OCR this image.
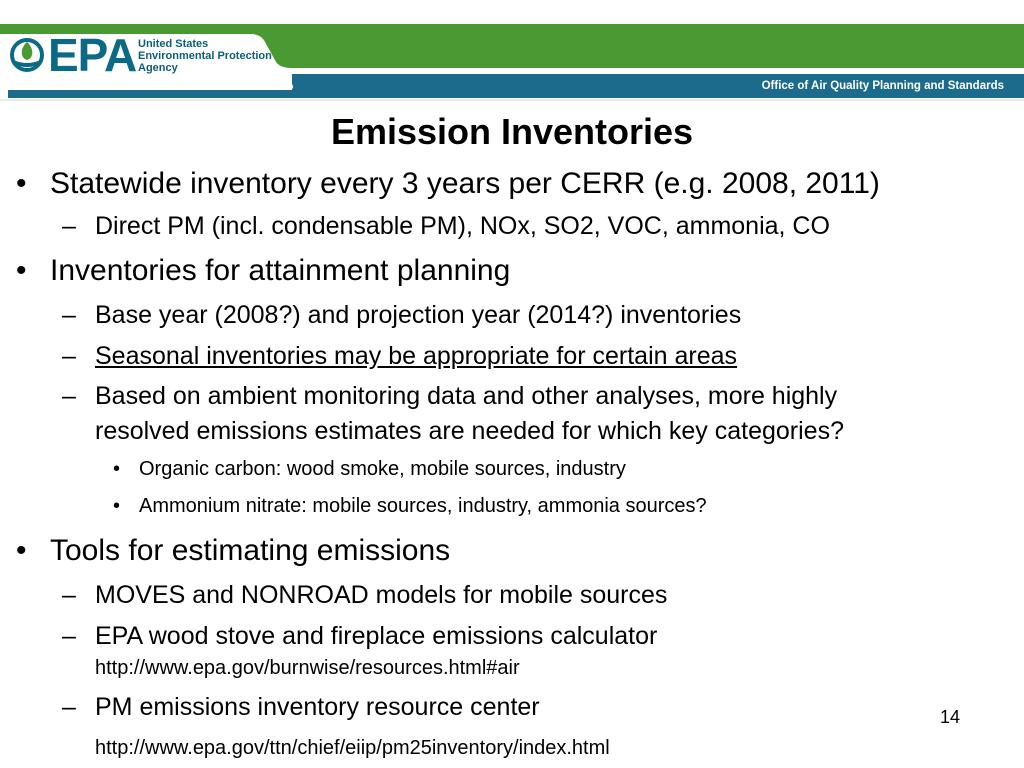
EPA United States
Environmental Protection
Agency
Office of Air Quality Planning and Standards
Emission Inventories
• Statewide inventory every 3 years per CERR (e.g. 2008, 2011)
– Direct PM (incl. condensable PM), NOx, SO2, VOC, ammonia, CO
• Inventories for attainment planning
– Base year (2008?) and projection year (2014?) inventories
– Seasonal inventories may be appropriate for certain areas
– Based on ambient monitoring data and other analyses, more highly
resolved emissions estimates are needed for which key categories?
• Organic carbon: wood smoke, mobile sources, industry
• Ammonium nitrate: mobile sources, industry, ammonia sources?
• Tools for estimating emissions
– MOVES and NONROAD models for mobile sources
– EPA wood stove and fireplace emissions calculator
http://www.epa.gov/burnwise/resources.html#air
– PM emissions inventory resource center
http://www.epa.gov/ttn/chief/eiip/pm25inventory/index.html
14
